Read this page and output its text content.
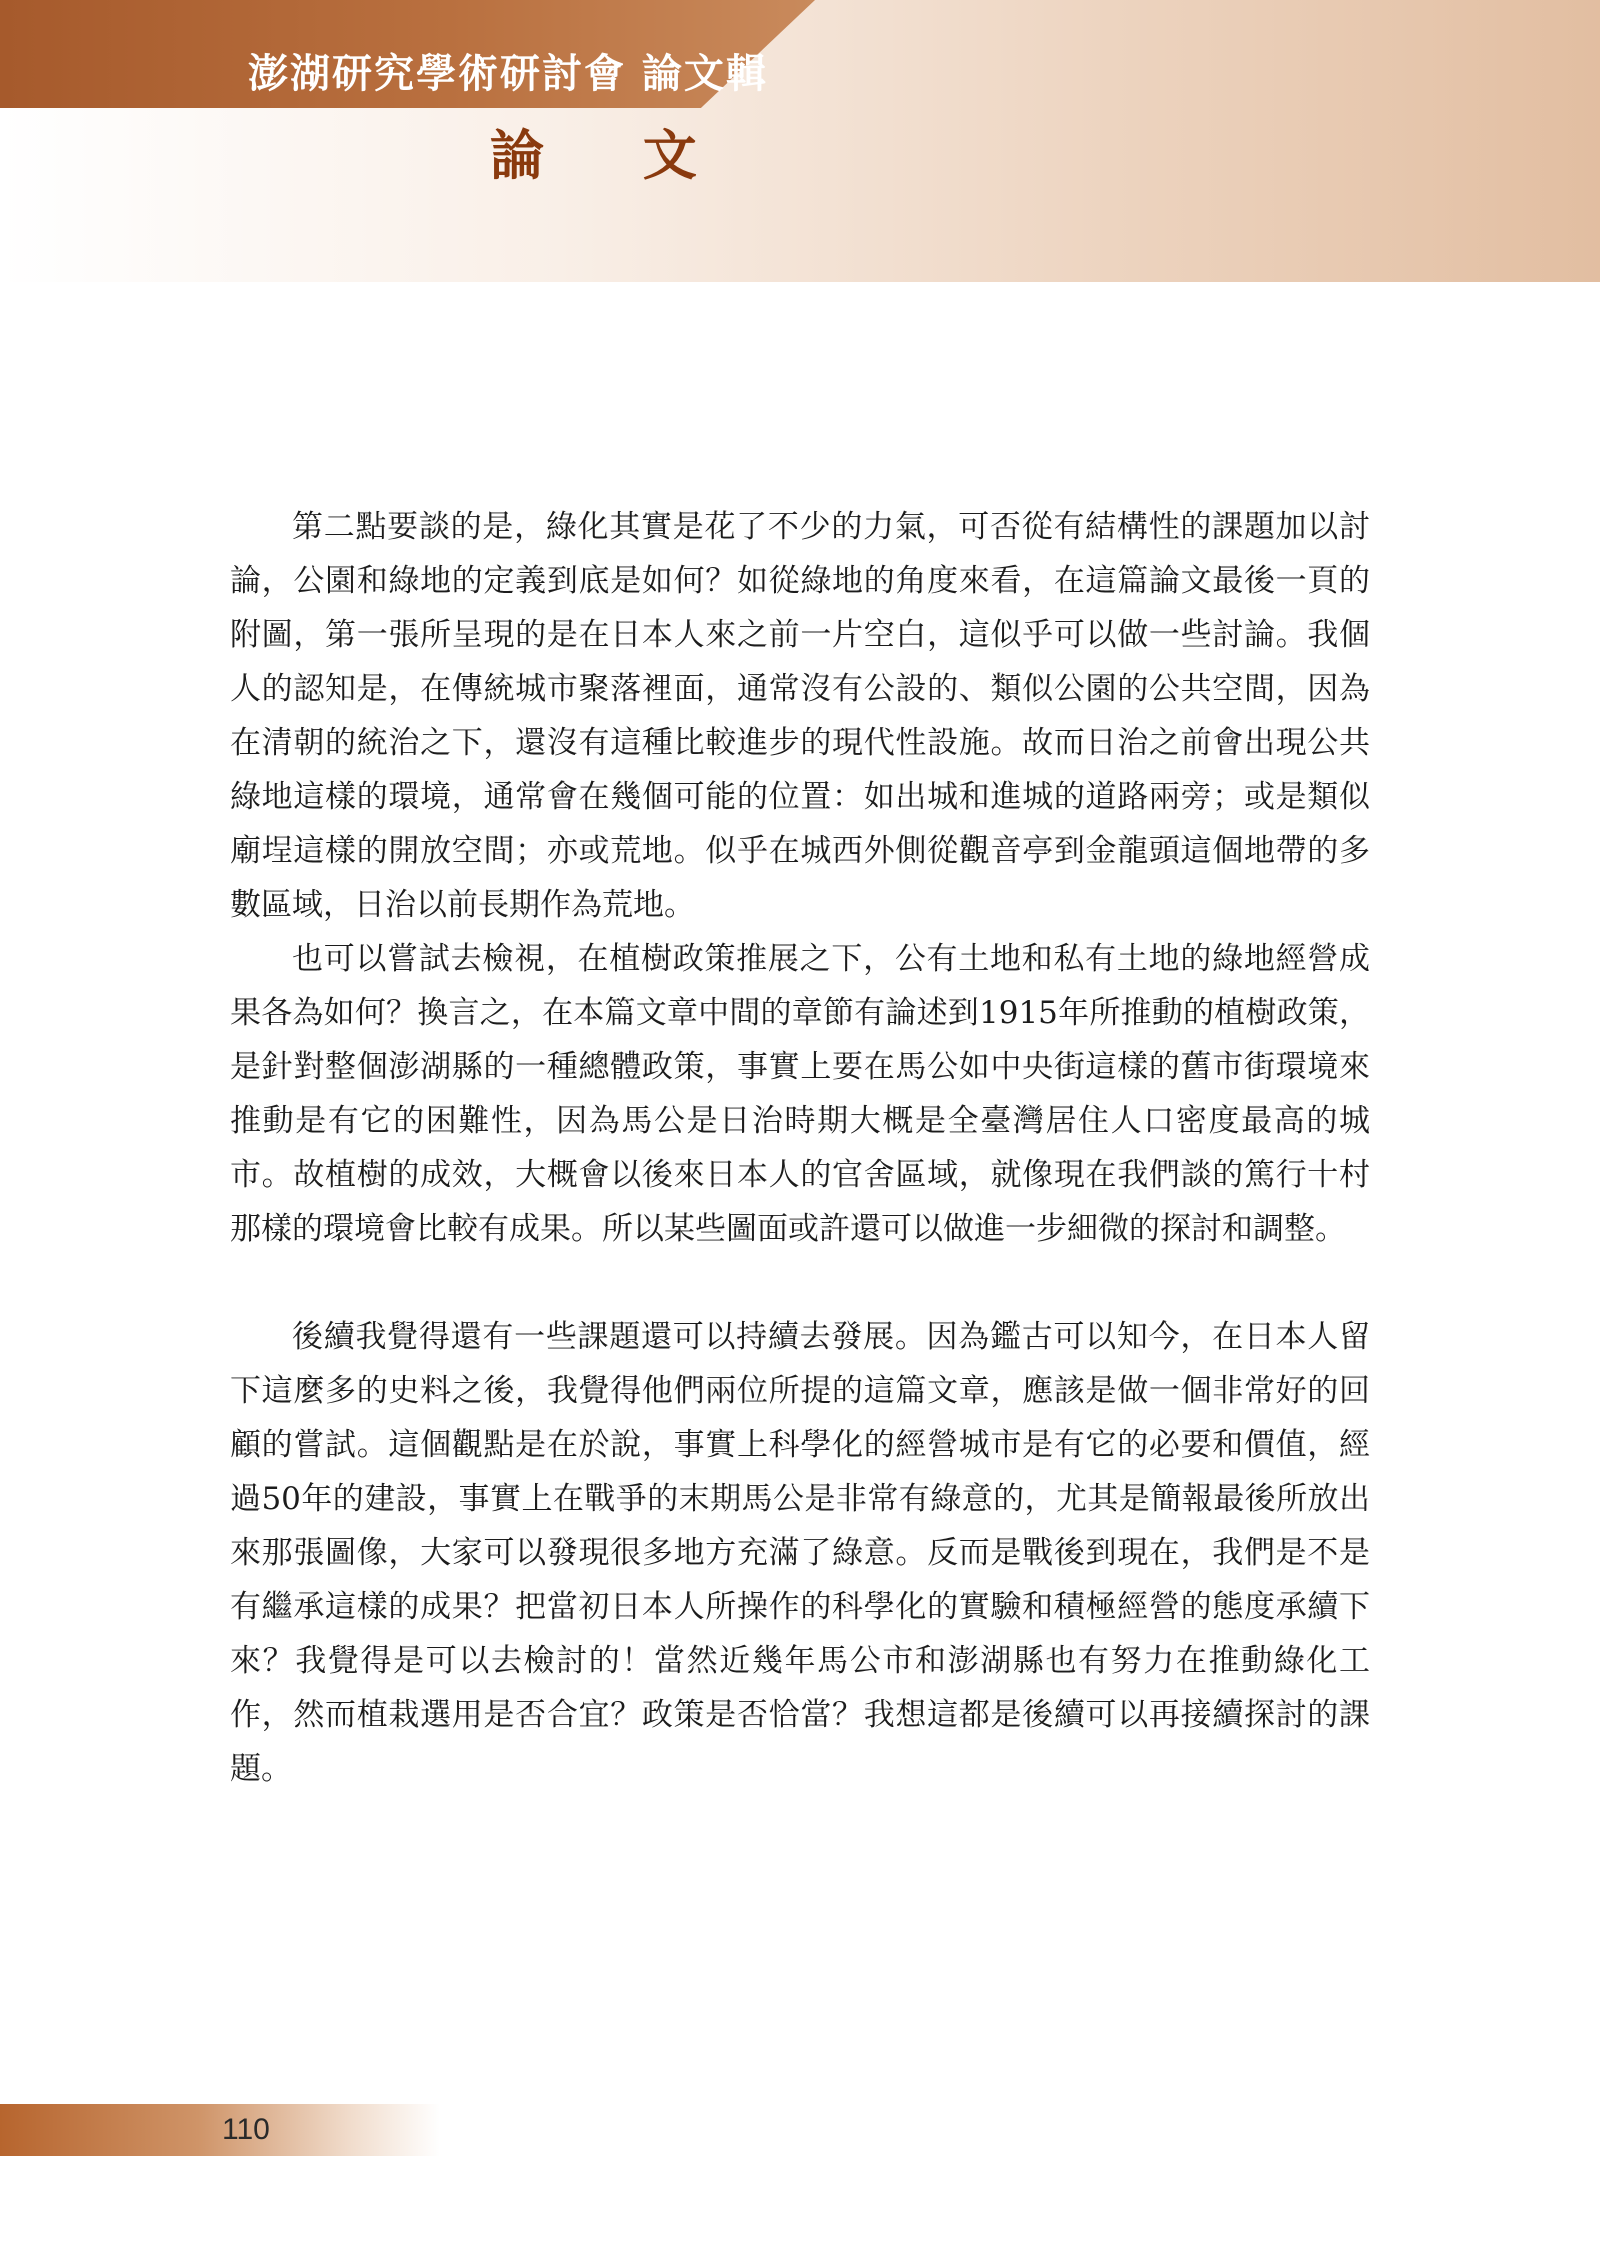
澎湖研究學術研討會 論文輯
論 文

第二點要談的是，綠化其實是花了不少的力氣，可否從有結構性的課題加以討論，公園和綠地的定義到底是如何？如從綠地的角度來看，在這篇論文最後一頁的附圖，第一張所呈現的是在日本人來之前一片空白，這似乎可以做一些討論。我個人的認知是，在傳統城市聚落裡面，通常沒有公設的、類似公園的公共空間，因為在清朝的統治之下，還沒有這種比較進步的現代性設施。故而日治之前會出現公共綠地這樣的環境，通常會在幾個可能的位置：如出城和進城的道路兩旁；或是類似廟埕這樣的開放空間；亦或荒地。似乎在城西外側從觀音亭到金龍頭這個地帶的多數區域，日治以前長期作為荒地。

也可以嘗試去檢視，在植樹政策推展之下，公有土地和私有土地的綠地經營成果各為如何？換言之，在本篇文章中間的章節有論述到1915年所推動的植樹政策，是針對整個澎湖縣的一種總體政策，事實上要在馬公如中央街這樣的舊市街環境來推動是有它的困難性，因為馬公是日治時期大概是全臺灣居住人口密度最高的城市。故植樹的成效，大概會以後來日本人的官舍區域，就像現在我們談的篤行十村那樣的環境會比較有成果。所以某些圖面或許還可以做進一步細微的探討和調整。

後續我覺得還有一些課題還可以持續去發展。因為鑑古可以知今，在日本人留下這麼多的史料之後，我覺得他們兩位所提的這篇文章，應該是做一個非常好的回顧的嘗試。這個觀點是在於說，事實上科學化的經營城市是有它的必要和價值，經過50年的建設，事實上在戰爭的末期馬公是非常有綠意的，尤其是簡報最後所放出來那張圖像，大家可以發現很多地方充滿了綠意。反而是戰後到現在，我們是不是有繼承這樣的成果？把當初日本人所操作的科學化的實驗和積極經營的態度承續下來？我覺得是可以去檢討的！當然近幾年馬公市和澎湖縣也有努力在推動綠化工作，然而植栽選用是否合宜？政策是否恰當？我想這都是後續可以再接續探討的課題。

110
